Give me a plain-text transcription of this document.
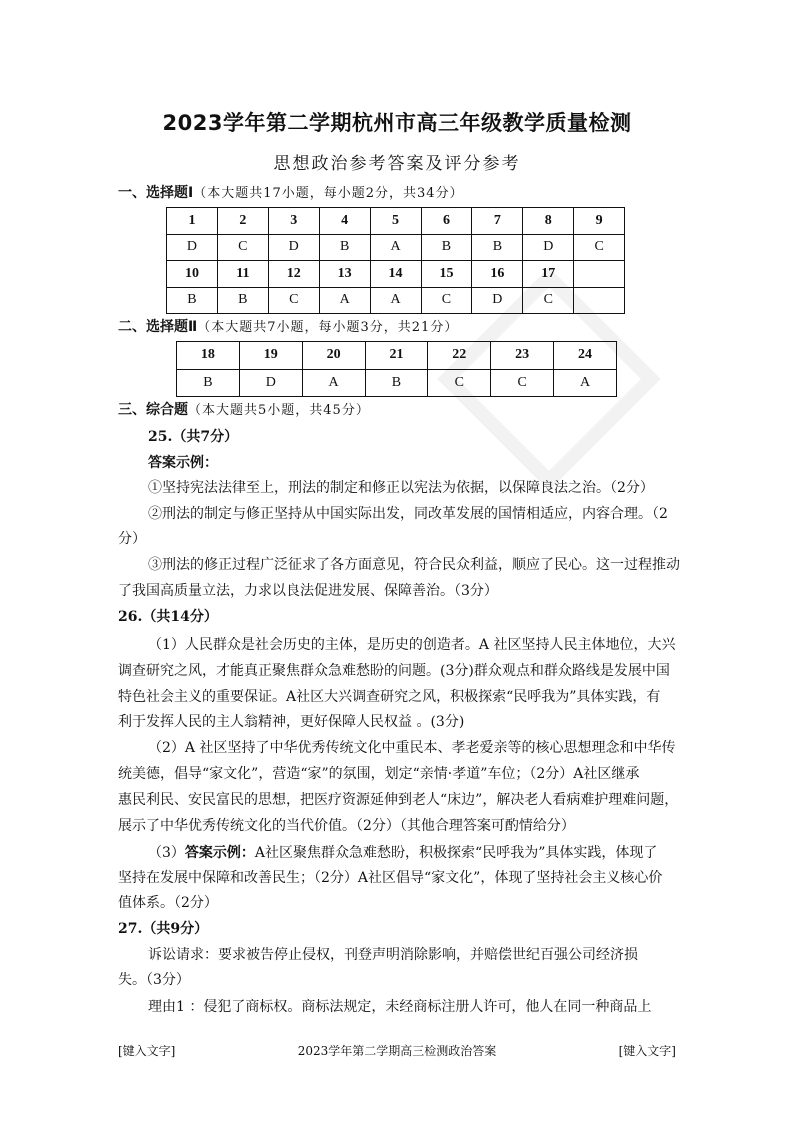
2023学年第二学期杭州市高三年级教学质量检测
思想政治参考答案及评分参考
一、选择题Ⅰ（本大题共17小题，每小题2分，共34分）
1	2	3	4	5	6	7	8	9
D	C	D	B	A	B	B	D	C
10	11	12	13	14	15	16	17	
B	B	C	A	A	C	D	C	
二、选择题Ⅱ（本大题共7小题，每小题3分，共21分）
18	19	20	21	22	23	24
B	D	A	B	C	C	A
三、综合题（本大题共5小题，共45分）
25.（共7分）
答案示例：
①坚持宪法法律至上，刑法的制定和修正以宪法为依据，以保障良法之治。（2分）
②刑法的制定与修正坚持从中国实际出发，同改革发展的国情相适应，内容合理。（2
分）
③刑法的修正过程广泛征求了各方面意见，符合民众利益，顺应了民心。这一过程推动
了我国高质量立法，力求以良法促进发展、保障善治。（3分）
26.（共14分）
（1）人民群众是社会历史的主体，是历史的创造者。A 社区坚持人民主体地位，大兴
调查研究之风，才能真正聚焦群众急难愁盼的问题。(3分)群众观点和群众路线是发展中国
特色社会主义的重要保证。A社区大兴调查研究之风，积极探索“民呼我为”具体实践，有
利于发挥人民的主人翁精神，更好保障人民权益 。(3分)
（2）A 社区坚持了中华优秀传统文化中重民本、孝老爱亲等的核心思想理念和中华传
统美德，倡导“家文化”，营造“家”的氛围，划定“亲情·孝道”车位；（2分）A社区继承
惠民利民、安民富民的思想，把医疗资源延伸到老人“床边”，解决老人看病难护理难问题，
展示了中华优秀传统文化的当代价值。（2分）（其他合理答案可酌情给分）
（3）答案示例：A社区聚焦群众急难愁盼，积极探索“民呼我为”具体实践，体现了
坚持在发展中保障和改善民生；（2分）A社区倡导“家文化”，体现了坚持社会主义核心价
值体系。（2分）
27.（共9分）
诉讼请求：要求被告停止侵权，刊登声明消除影响，并赔偿世纪百强公司经济损
失。（3分）
理由1 ：侵犯了商标权。商标法规定，未经商标注册人许可，他人在同一种商品上
[键入文字]	2023学年第二学期高三检测政治答案	[键入文字]
